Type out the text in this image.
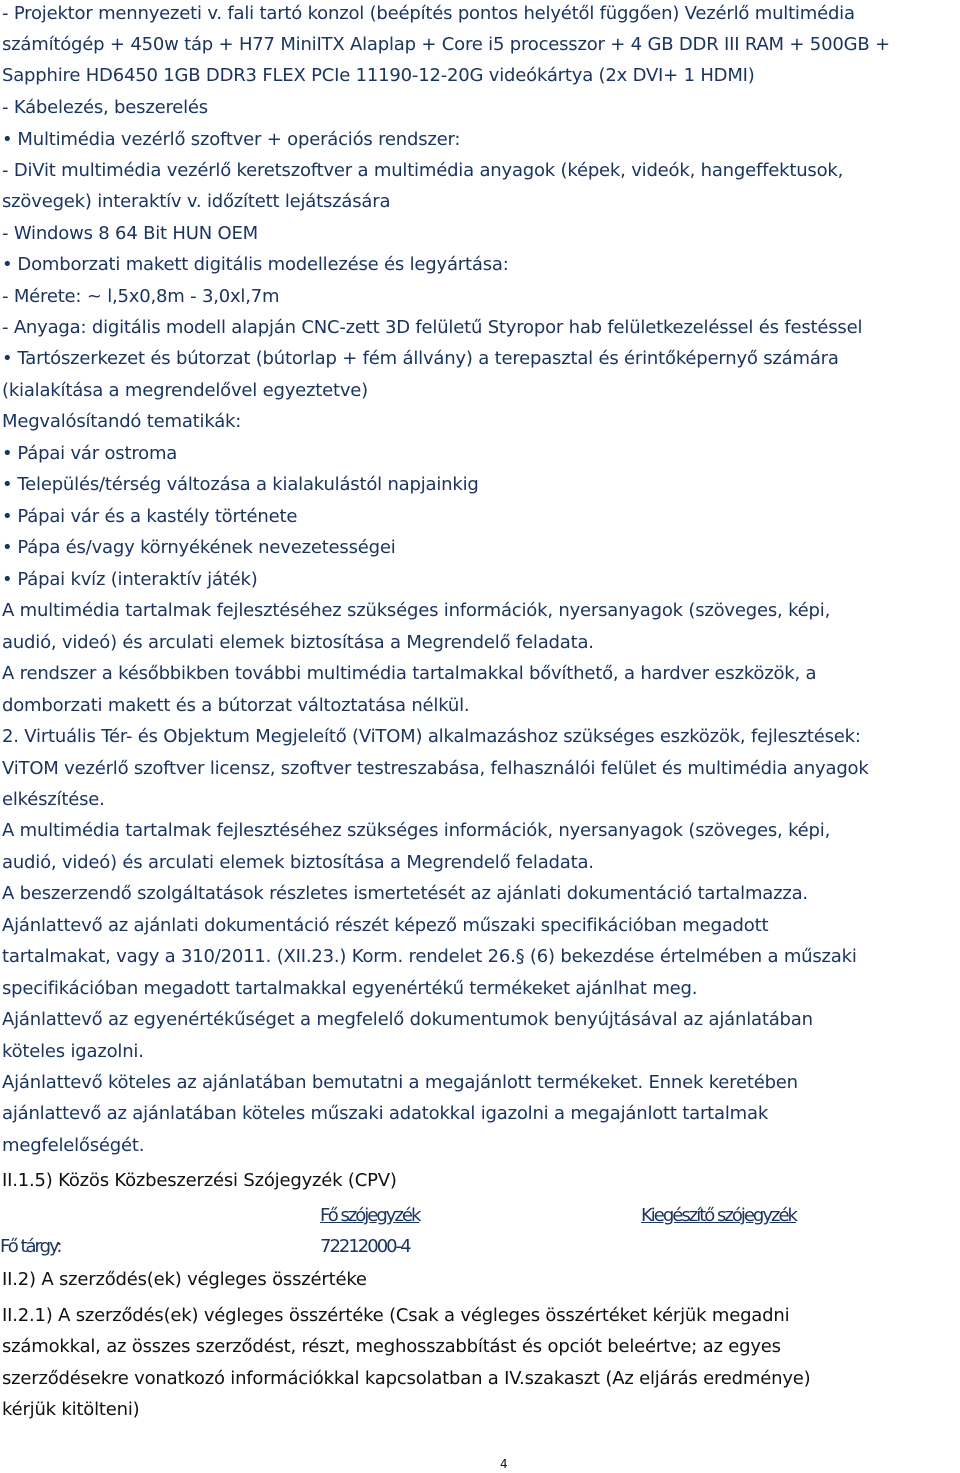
- Projektor mennyezeti v. fali tartó konzol (beépítés pontos helyétől függően) Vezérlő multimédia
számítógép + 450w táp + H77 MiniITX Alaplap + Core i5 processzor + 4 GB DDR III RAM + 500GB +
Sapphire HD6450 1GB DDR3 FLEX PCIe 11190-12-20G videókártya (2x DVI+ 1 HDMI)
- Kábelezés, beszerelés
• Multimédia vezérlő szoftver + operációs rendszer:
- DiVit multimédia vezérlő keretszoftver a multimédia anyagok (képek, videók, hangeffektusok,
szövegek) interaktív v. időzített lejátszására
- Windows 8 64 Bit HUN OEM
• Domborzati makett digitális modellezése és legyártása:
- Mérete: ~ l,5x0,8m - 3,0xl,7m
- Anyaga: digitális modell alapján CNC-zett 3D felületű Styropor hab felületkezeléssel és festéssel
• Tartószerkezet és bútorzat (bútorlap + fém állvány) a terepasztal és érintőképernyő számára
(kialakítása a megrendelővel egyeztetve)
Megvalósítandó tematikák:
• Pápai vár ostroma
• Település/térség változása a kialakulástól napjainkig
• Pápai vár és a kastély története
• Pápa és/vagy környékének nevezetességei
• Pápai kvíz (interaktív játék)
A multimédia tartalmak fejlesztéséhez szükséges információk, nyersanyagok (szöveges, képi,
audió, videó) és arculati elemek biztosítása a Megrendelő feladata.
A rendszer a későbbikben további multimédia tartalmakkal bővíthető, a hardver eszközök, a
domborzati makett és a bútorzat változtatása nélkül.
2. Virtuális Tér- és Objektum Megjeleítő (ViTOM) alkalmazáshoz szükséges eszközök, fejlesztések:
ViTOM vezérlő szoftver licensz, szoftver testreszabása, felhasználói felület és multimédia anyagok
elkészítése.
A multimédia tartalmak fejlesztéséhez szükséges információk, nyersanyagok (szöveges, képi,
audió, videó) és arculati elemek biztosítása a Megrendelő feladata.
A beszerzendő szolgáltatások részletes ismertetését az ajánlati dokumentáció tartalmazza.
Ajánlattevő az ajánlati dokumentáció részét képező műszaki specifikációban megadott
tartalmakat, vagy a 310/2011. (XII.23.) Korm. rendelet 26.§ (6) bekezdése értelmében a műszaki
specifikációban megadott tartalmakkal egyenértékű termékeket ajánlhat meg.
Ajánlattevő az egyenértékűséget a megfelelő dokumentumok benyújtásával az ajánlatában
köteles igazolni.
Ajánlattevő köteles az ajánlatában bemutatni a megajánlott termékeket. Ennek keretében
ajánlattevő az ajánlatában köteles műszaki adatokkal igazolni a megajánlott tartalmak
megfelelőségét.
II.1.5) Közös Közbeszerzési Szójegyzék (CPV)
Fő szójegyzék	Kiegészítő szójegyzék
Fő tárgy:	72212000-4
II.2) A szerződés(ek) végleges összértéke
II.2.1) A szerződés(ek) végleges összértéke (Csak a végleges összértéket kérjük megadni
számokkal, az összes szerződést, részt, meghosszabbítást és opciót beleértve; az egyes
szerződésekre vonatkozó információkkal kapcsolatban a IV.szakaszt (Az eljárás eredménye)
kérjük kitölteni)
4
